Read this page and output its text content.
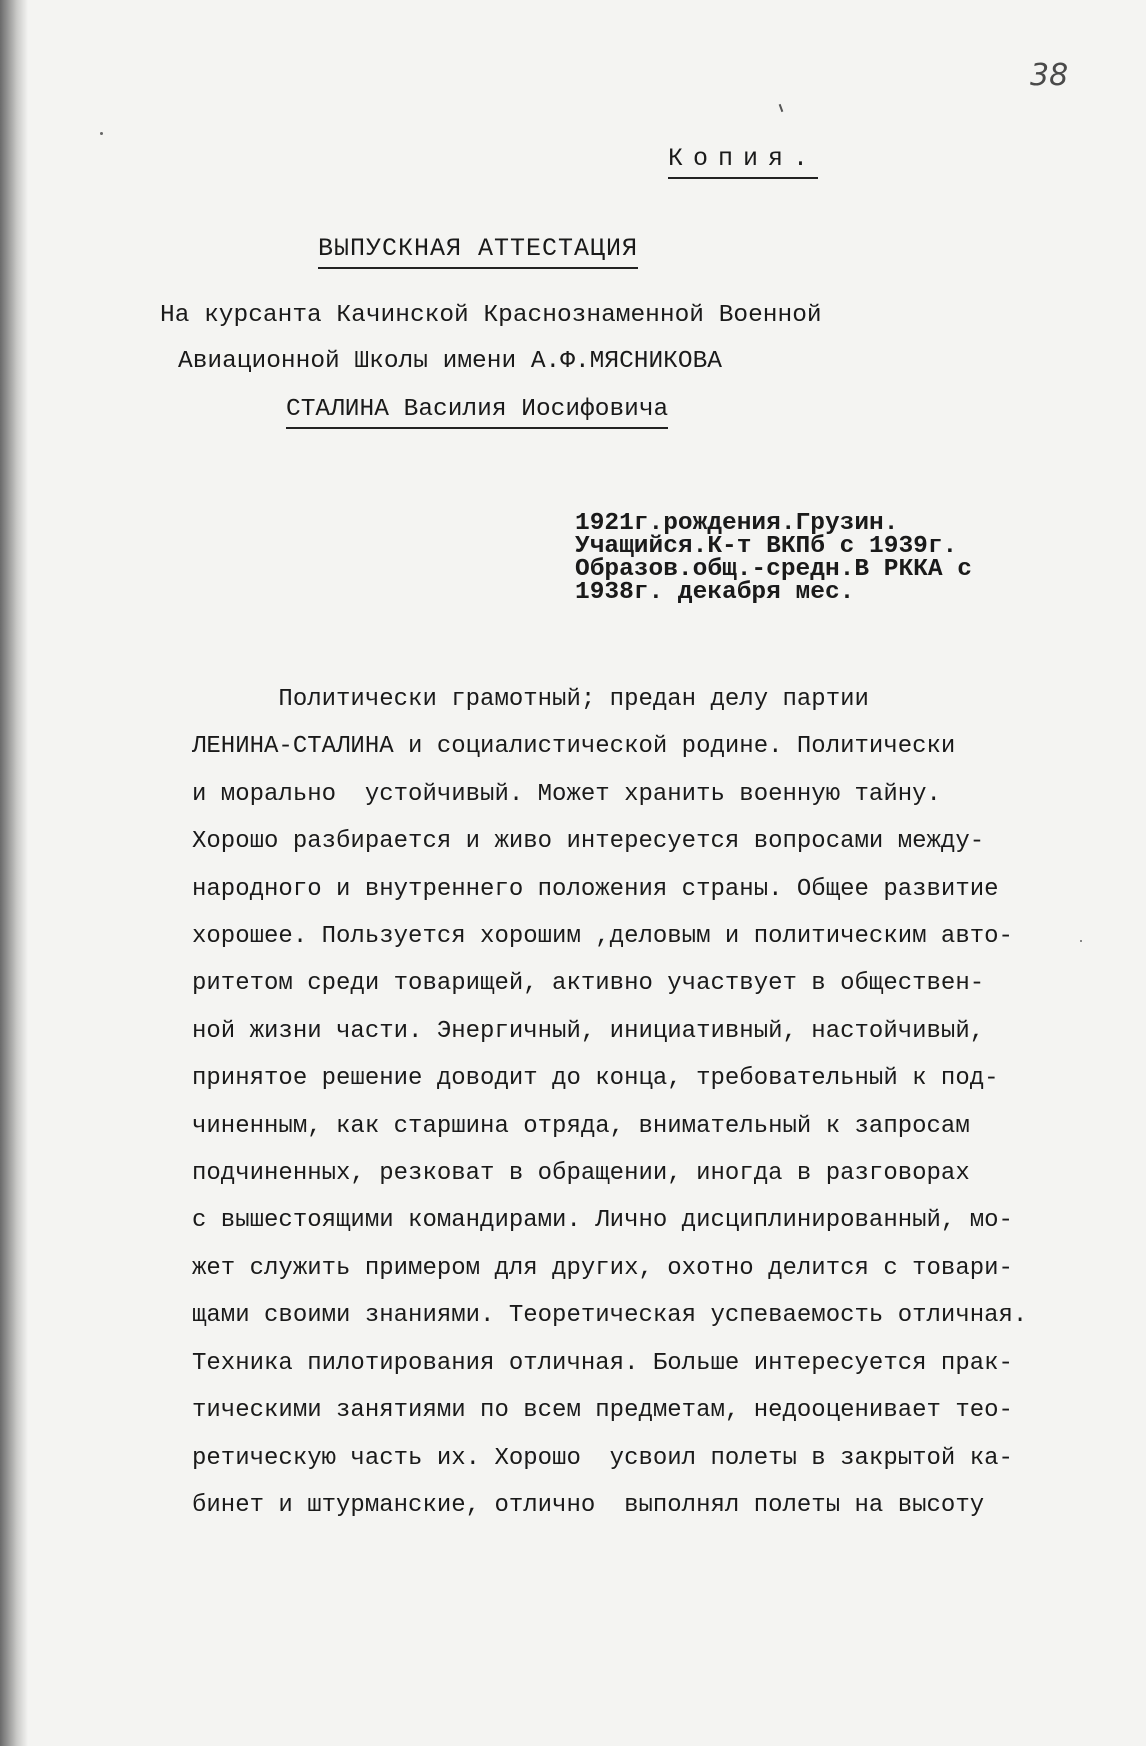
38
Копия.
ВЫПУСКНАЯ АТТЕСТАЦИЯ
На курсанта Качинской Краснознаменной Военной
Авиационной Школы имени А.Ф.МЯСНИКОВА
СТАЛИНА Василия Иосифовича
1921г.рождения.Грузин.
Учащийся.К-т ВКПб с 1939г.
Образов.общ.-средн.В РККА с
1938г. декабря мес.
Политически грамотный; предан делу партии
ЛЕНИНА-СТАЛИНА и социалистической родине. Политически
и морально  устойчивый. Может хранить военную тайну.
Хорошо разбирается и живо интересуется вопросами между-
народного и внутреннего положения страны. Общее развитие
хорошее. Пользуется хорошим ,деловым и политическим авто-
ритетом среди товарищей, активно участвует в обществен-
ной жизни части. Энергичный, инициативный, настойчивый,
принятое решение доводит до конца, требовательный к под-
чиненным, как старшина отряда, внимательный к запросам
подчиненных, резковат в обращении, иногда в разговорах
с вышестоящими командирами. Лично дисциплинированный, мо-
жет служить примером для других, охотно делится с товари-
щами своими знаниями. Теоретическая успеваемость отличная.
Техника пилотирования отличная. Больше интересуется прак-
тическими занятиями по всем предметам, недооценивает тео-
ретическую часть их. Хорошо  усвоил полеты в закрытой ка-
бинет и штурманские, отлично  выполнял полеты на высоту
